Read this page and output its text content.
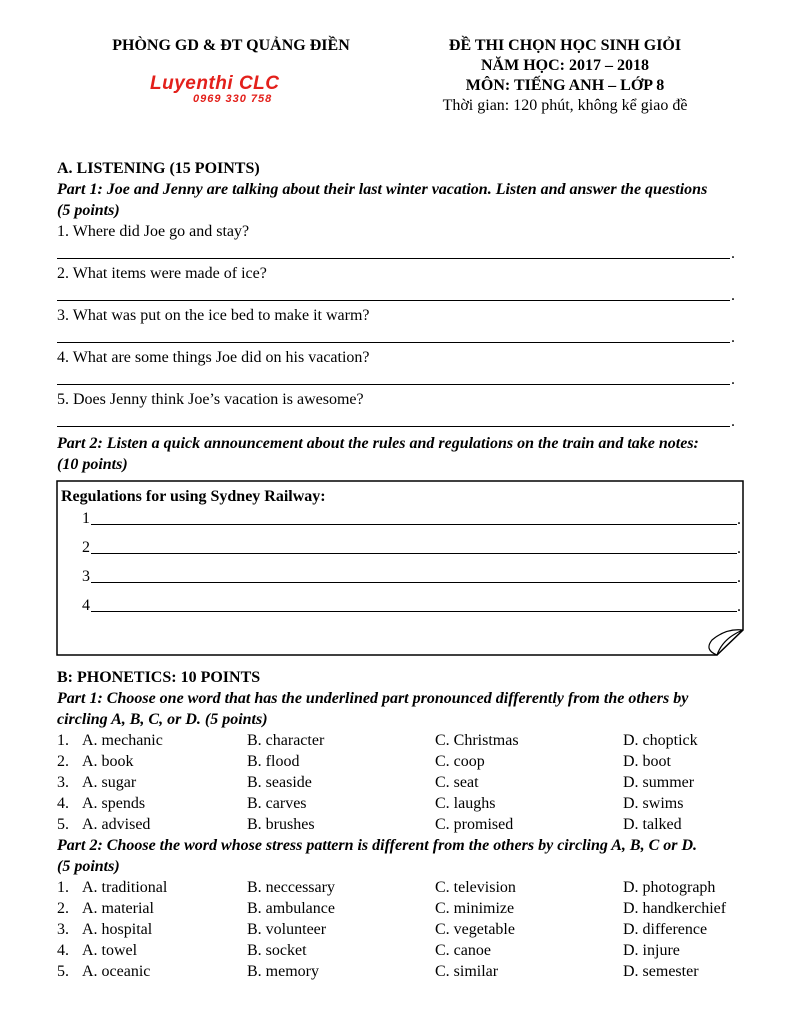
PHÒNG GD & ĐT QUẢNG ĐIỀN
Luyenthi CLC
0969 330 758
ĐỀ THI CHỌN HỌC SINH GIỎI
NĂM HỌC: 2017 – 2018
MÔN: TIẾNG ANH – LỚP 8
Thời gian: 120 phút, không kể giao đề
A. LISTENING (15 POINTS)
Part 1: Joe and Jenny are talking about their last winter vacation. Listen and answer the questions
(5 points)
1. Where did Joe go and stay?
.
2. What items were made of ice?
.
3. What was put on the ice bed to make it warm?
.
4. What are some things Joe did on his vacation?
.
5. Does Jenny think Joe’s vacation is awesome?
.
Part 2: Listen a quick announcement about the rules and regulations on the train and take notes:
(10 points)
Regulations for using Sydney Railway:
1	.
2	.
3	.
4	.
B: PHONETICS: 10 POINTS
Part 1: Choose one word that has the underlined part pronounced differently from the others by
circling A, B, C, or D. (5 points)
1. A. mechanic	B. character	C. Christmas	D. choptick
2. A. book	B. flood	C. coop	D. boot
3. A. sugar	B. seaside	C. seat	D. summer
4. A. spends	B. carves	C. laughs	D. swims
5. A. advised	B. brushes	C. promised	D. talked
Part 2: Choose the word whose stress pattern is different from the others by circling A, B, C or D.
(5 points)
1. A. traditional	B. neccessary	C. television	D. photograph
2. A. material	B. ambulance	C. minimize	D. handkerchief
3. A. hospital	B. volunteer	C. vegetable	D. difference
4. A. towel	B. socket	C. canoe	D. injure
5. A. oceanic	B. memory	C. similar	D. semester
